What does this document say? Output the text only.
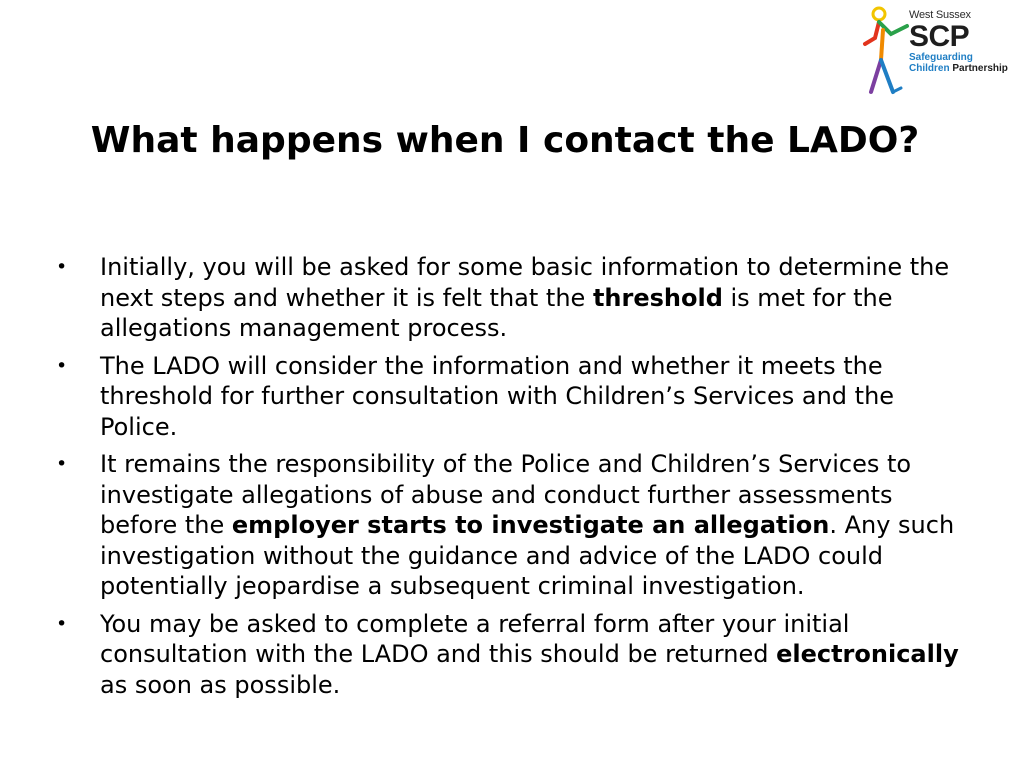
West Sussex
SCP
Safeguarding
Children Partnership
What happens when I contact the LADO?
• Initially, you will be asked for some basic information to determine the next steps and whether it is felt that the threshold is met for the allegations management process.
• The LADO will consider the information and whether it meets the threshold for further consultation with Children’s Services and the Police.
• It remains the responsibility of the Police and Children’s Services to investigate allegations of abuse and conduct further assessments before the employer starts to investigate an allegation. Any such investigation without the guidance and advice of the LADO could potentially jeopardise a subsequent criminal investigation.
• You may be asked to complete a referral form after your initial consultation with the LADO and this should be returned electronically as soon as possible.
